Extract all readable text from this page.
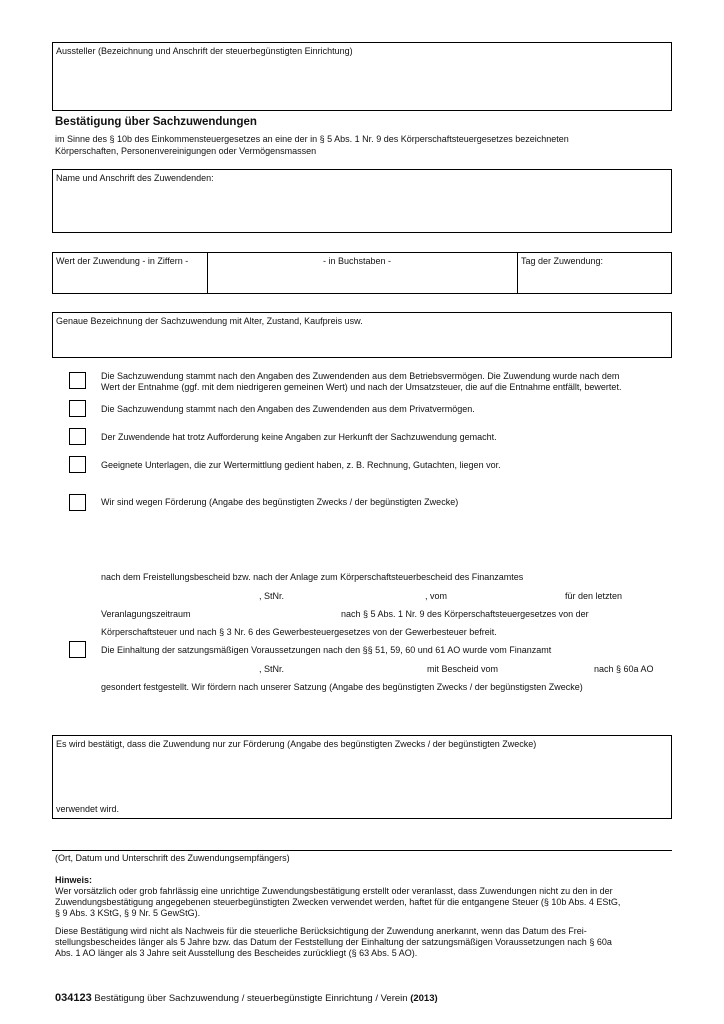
Aussteller (Bezeichnung und Anschrift der steuerbegünstigten Einrichtung)
Bestätigung über Sachzuwendungen
im Sinne des § 10b des Einkommensteuergesetzes an eine der in § 5 Abs. 1 Nr. 9 des Körperschaftsteuergesetzes bezeichneten
Körperschaften, Personenvereinigungen oder Vermögensmassen
Name und Anschrift des Zuwendenden:
Wert der Zuwendung - in Ziffern -	- in Buchstaben -	Tag der Zuwendung:
Genaue Bezeichnung der Sachzuwendung mit Alter, Zustand, Kaufpreis usw.
Die Sachzuwendung stammt nach den Angaben des Zuwendenden aus dem Betriebsvermögen. Die Zuwendung wurde nach dem
Wert der Entnahme (ggf. mit dem niedrigeren gemeinen Wert) und nach der Umsatzsteuer, die auf die Entnahme entfällt, bewertet.
Die Sachzuwendung stammt nach den Angaben des Zuwendenden aus dem Privatvermögen.
Der Zuwendende hat trotz Aufforderung keine Angaben zur Herkunft der Sachzuwendung gemacht.
Geeignete Unterlagen, die zur Wertermittlung gedient haben, z. B. Rechnung, Gutachten, liegen vor.
Wir sind wegen Förderung (Angabe des begünstigten Zwecks / der begünstigten Zwecke)
nach dem Freistellungsbescheid bzw. nach der Anlage zum Körperschaftsteuerbescheid des Finanzamtes
, StNr.	, vom	für den letzten
Veranlagungszeitraum	nach § 5 Abs. 1 Nr. 9 des Körperschaftsteuergesetzes von der
Körperschaftsteuer und nach § 3 Nr. 6 des Gewerbesteuergesetzes von der Gewerbesteuer befreit.
Die Einhaltung der satzungsmäßigen Voraussetzungen nach den §§ 51, 59, 60 und 61 AO wurde vom Finanzamt
, StNr.	mit Bescheid vom	nach § 60a AO
gesondert festgestellt. Wir fördern nach unserer Satzung (Angabe des begünstigten Zwecks / der begünstigsten Zwecke)
Es wird bestätigt, dass die Zuwendung nur zur Förderung (Angabe des begünstigten Zwecks / der begünstigten Zwecke)
verwendet wird.
(Ort, Datum und Unterschrift des Zuwendungsempfängers)
Hinweis:
Wer vorsätzlich oder grob fahrlässig eine unrichtige Zuwendungsbestätigung erstellt oder veranlasst, dass Zuwendungen nicht zu den in der
Zuwendungsbestätigung angegebenen steuerbegünstigten Zwecken verwendet werden, haftet für die entgangene Steuer (§ 10b Abs. 4 EStG,
§ 9 Abs. 3 KStG, § 9 Nr. 5 GewStG).
Diese Bestätigung wird nicht als Nachweis für die steuerliche Berücksichtigung der Zuwendung anerkannt, wenn das Datum des Frei-
stellungsbescheides länger als 5 Jahre bzw. das Datum der Feststellung der Einhaltung der satzungsmäßigen Voraussetzungen nach § 60a
Abs. 1 AO länger als 3 Jahre seit Ausstellung des Bescheides zurückliegt (§ 63 Abs. 5 AO).
034123 Bestätigung über Sachzuwendung / steuerbegünstigte Einrichtung / Verein (2013)
